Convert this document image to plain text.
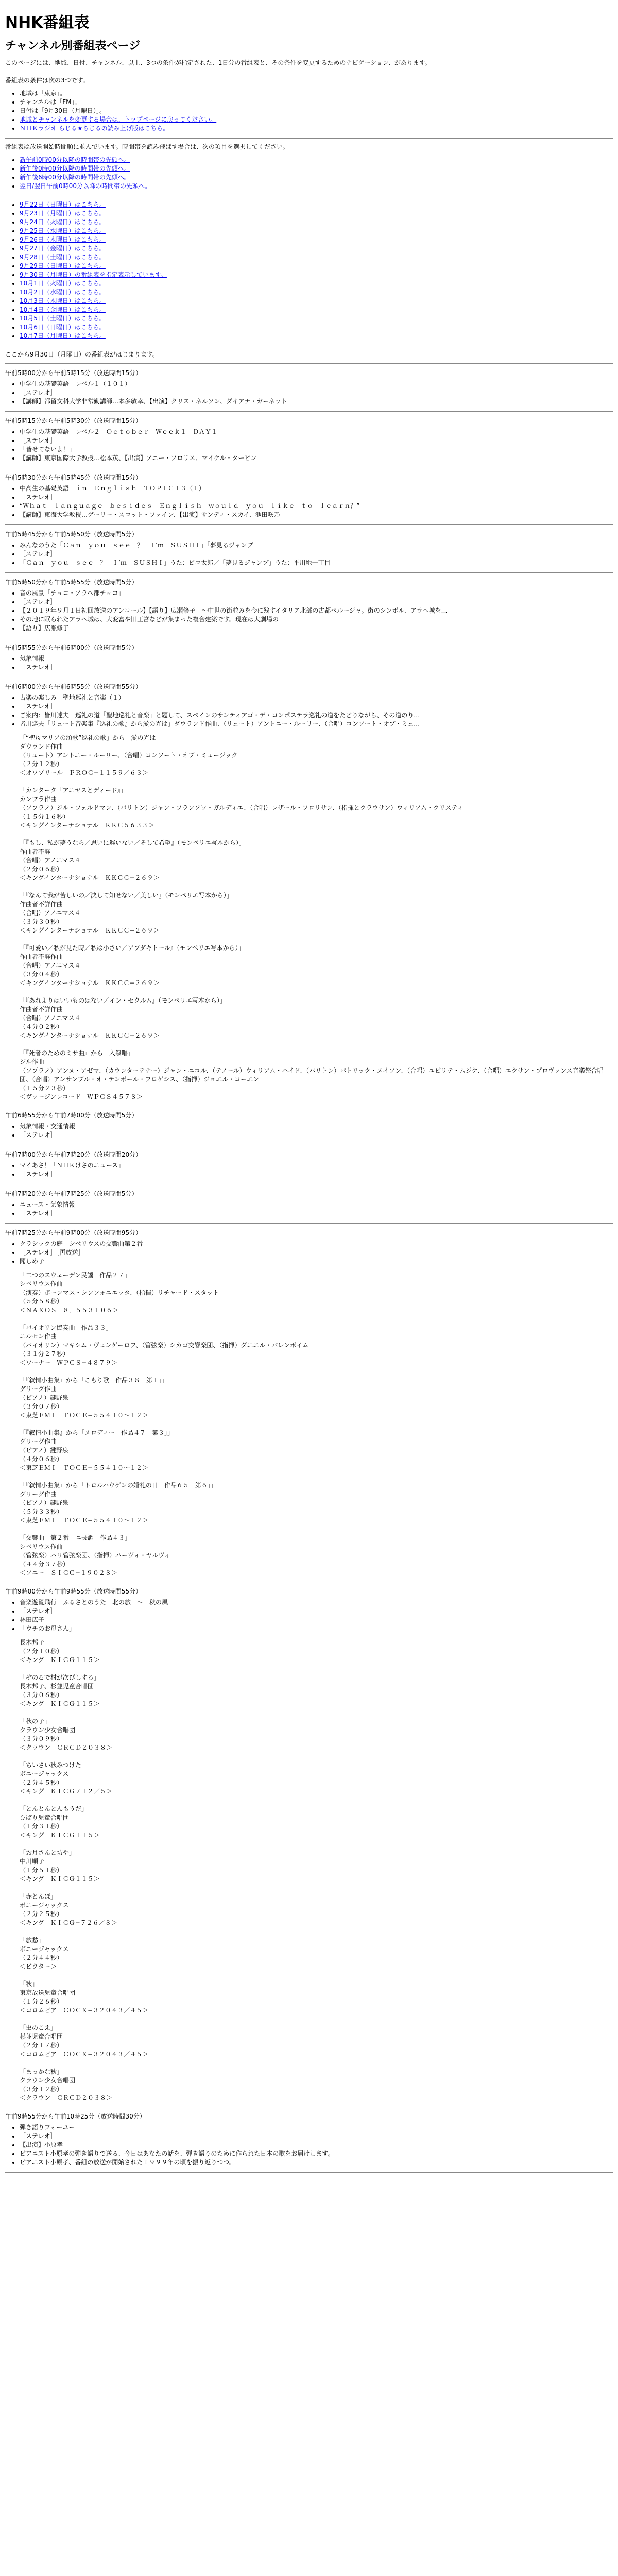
NHK番組表
チャンネル別番組表ページ

このページには、地域、日付、チャンネル、以上、3つの条件が指定された、1日分の番組表と、その条件を変更するためのナビゲーション、があります。

番組表の条件は次の3つです。

• 地域は「東京」。
• チャンネルは「FM」。
• 日付は「9月30日（月曜日）」。
• 地域とチャンネルを変更する場合は、トップページに戻ってください。
• ＮＨＫラジオ らじる★らじるの読み上げ版はこちら。

番組表は放送開始時間順に並んでいます。時間帯を読み飛ばす場合は、次の項目を選択してください。

• 新午前0時00分以降の時間帯の先頭へ。
• 新午後0時00分以降の時間帯の先頭へ。
• 新午後6時00分以降の時間帯の先頭へ。
• 翌日/翌日午前0時00分以降の時間帯の先頭へ。
• 9月22日（日曜日）はこちら。
• 9月23日（月曜日）はこちら。
• 9月24日（火曜日）はこちら。
• 9月25日（水曜日）はこちら。
• 9月26日（木曜日）はこちら。
• 9月27日（金曜日）はこちら。
• 9月28日（土曜日）はこちら。
• 9月29日（日曜日）はこちら。
• 9月30日（月曜日）の番組表を指定表示しています。
• 10月1日（火曜日）はこちら。
• 10月2日（水曜日）はこちら。
• 10月3日（木曜日）はこちら。
• 10月4日（金曜日）はこちら。
• 10月5日（土曜日）はこちら。
• 10月6日（日曜日）はこちら。
• 10月7日（月曜日）はこちら。

ここから9月30日（月曜日）の番組表がはじまります。

午前5時00分から午前5時15分（放送時間15分）

• 中学生の基礎英語　レベル１（１０１）
• ［ステレオ］
• 【講師】都留文科大学非常勤講師…本多敏幸、【出演】クリス・ネルソン、ダイアナ・ガーネット

午前5時15分から午前5時30分（放送時間15分）

• 中学生の基礎英語　レベル２　Ｏｃｔｏｂｅｒ　Ｗｅｅｋ１　ＤＡＹ１
• ［ステレオ］
• 「皆せてないよ！」
• 【講師】東京国際大学教授…松本茂、【出演】アニー・フロリス、マイケル・ターピン

午前5時30分から午前5時45分（放送時間15分）

• 中高生の基礎英語　ｉｎ　Ｅｎｇｌｉｓｈ　ＴＯＰＩＣ１３（１）
• ［ステレオ］
• “Ｗｈａｔ　ｌａｎｇｕａｇｅ　ｂｅｓｉｄｅｓ　Ｅｎｇｌｉｓｈ　ｗｏｕｌｄ　ｙｏｕ　ｌｉｋｅ　ｔｏ　ｌｅａｒｎ？”
• 【講師】東海大学教授…ゲーリー・スコット・ファイン、【出演】サンディ・スカイ、池田咲乃

午前5時45分から午前5時50分（放送時間5分）

• みんなのうた「Ｃａｎ　ｙｏｕ　ｓｅｅ　？　Ｉ’ｍ　ＳＵＳＨＩ」「夢見るジャンプ」
• ［ステレオ］
• 「Ｃａｎ　ｙｏｕ　ｓｅｅ　？　Ｉ’ｍ　ＳＵＳＨＩ」うた：ピコ太郎／「夢見るジャンプ」うた：平川地一丁目

午前5時50分から午前5時55分（放送時間5分）

• 音の風景「チョコ・アラへ都チョコ」
• ［ステレオ］
• 【２０１９年９月１日初回放送のアンコール】【語り】広瀬修子　〜中世の街並みを今に残すイタリア北部の古都ペルージャ。街のシンボル、アラへ城を…
• その地に眠られたアラへ城は、大変富や旧王宮などが集まった複合建築です。現在は大劇場の
• 【語り】広瀬修子

午前5時55分から午前6時00分（放送時間5分）

• 気象情報
• ［ステレオ］

午前6時00分から午前6時55分（放送時間55分）

• 古楽の楽しみ　聖地巡礼と音楽（１）
• ［ステレオ］
• ご案内：皆川達夫　巡礼の道「聖地巡礼と音楽」と題して、スペインのサンティアゴ・デ・コンポステラ巡礼の道をたどりながら、その道のり…
• 皆川達夫「リュート音楽集『巡礼の歌』から愛の光は」ダウランド作曲、（リュート）アントニー・ルーリー、（合唱）コンソート・オブ・ミュ…
「“聖母マリアの頌歌”巡礼の歌」から　愛の光は
ダウランド作曲
（リュート）アントニー・ルーリー、（合唱）コンソート・オブ・ミュージック
（２分１２秒）
＜オワゾリール　ＰＲＯＣ−１１５９／６３＞

「カンタータ『アニヤスとディード』」
カンプラ作曲
（ソプラノ）ジル・フェルドマン、（バリトン）ジャン・フランソワ・ガルディエ、（合唱）レザール・フロリサン、（指揮とクラウサン）ウィリアム・クリスティ
（１５分１６秒）
＜キングインターナショナル　ＫＫＣ５６３３＞

「『もし、私が夢うなら／思いに遅いない／そして希望』（モンペリエ写本から）」
作曲者不詳
（合唱）アノニマス４
（２分０６秒）
＜キングインターナショナル　ＫＫＣＣ−２６９＞

「『なんて我が苦しいの／決して知せない／美しい』（モンペリエ写本から）」
作曲者不詳作曲
（合唱）アノニマス４
（３分３０秒）
＜キングインターナショナル　ＫＫＣＣ−２６９＞

「『可愛い／私が見た時／私は小さい／アブダキトール』（モンペリエ写本から）」
作曲者不詳作曲
（合唱）アノニマス４
（３分０４秒）
＜キングインターナショナル　ＫＫＣＣ−２６９＞

「『あれよりはいいものはない／イン・セクルム』（モンペリエ写本から）」
作曲者不詳作曲
（合唱）アノニマス４
（４分０２秒）
＜キングインターナショナル　ＫＫＣＣ−２６９＞

「『死者のためのミサ曲』から　入祭唱」
ジル作曲
（ソプラノ）アンヌ・アゼマ、（カウンターテナー）ジャン・ニコル、（テノール）ウィリアム・ハイド、（バリトン）パトリック・メイソン、（合唱）ユビリテ・ムジケ、（合唱）エクサン・プロヴァンス音楽祭合唱団、（合唱）アンサンブル・オ・テンポール・フロゲシス、（指揮）ジョエル・コーエン
（１５分２３秒）
＜ヴァージンレコード　ＷＰＣＳ４５７８＞

午前6時55分から午前7時00分（放送時間5分）

• 気象情報・交通情報
• ［ステレオ］

午前7時00分から午前7時20分（放送時間20分）

• マイあさ！「ＮＨＫけさのニュース」
• ［ステレオ］

午前7時20分から午前7時25分（放送時間5分）

• ニュース・気象情報
• ［ステレオ］

午前7時25分から午前9時00分（放送時間95分）

• クラシックの庭　シベリウスの交響曲第２番
• ［ステレオ］［再放送］
• 聞しめ子
「二つのスウェーデン民謡　作品２７」
シベリウス作曲
（演奏）ボーンマス・シンフォニエッタ、（指揮）リチャード・スタット
（５分５８秒）
＜ＮＡＸＯＳ　８．５５３１０６＞

「バイオリン協奏曲　作品３３」
ニルセン作曲
（バイオリン）マキシム・ヴェンゲーロフ、（管弦楽）シカゴ交響楽団、（指揮）ダニエル・バレンボイム
（３１分２７秒）
＜ワーナー　ＷＰＣＳ−４８７９＞

「『叙情小曲集』から「こもり歌　作品３８　第１」」
グリーグ作曲
（ピアノ）鍵野泉
（３分０７秒）
＜東芝ＥＭＩ　ＴＯＣＥ−５５４１０〜１２＞

「『叙情小曲集』から「メロディー　作品４７　第３」」
グリーグ作曲
（ピアノ）鍵野泉
（４分０６秒）
＜東芝ＥＭＩ　ＴＯＣＥ−５５４１０〜１２＞

「『叙情小曲集』から「トロルハウゲンの婚礼の日　作品６５　第６」」
グリーグ作曲
（ピアノ）鍵野泉
（５分３３秒）
＜東芝ＥＭＩ　ＴＯＣＥ−５５４１０〜１２＞

「交響曲　第２番　ニ長調　作品４３」
シベリウス作曲
（管弦楽）パリ管弦楽団、（指揮）パーヴォ・ヤルヴィ
（４４分３７秒）
＜ソニー　ＳＩＣＣ−１９０２８＞

午前9時00分から午前9時55分（放送時間55分）

• 音楽遊覧飛行　ふるさとのうた　北の旅　〜　秋の風
• ［ステレオ］
• 林田広子
• 「ウチのお母さん」
長木邦子
（２分１０秒）
＜キング　ＫＩＣＧ１１５＞

「ぞのるで村が次びしする」
長木邦子、杉並児童合唱団
（３分０６秒）
＜キング　ＫＩＣＧ１１５＞

「秋の子」
クラウン少女合唱団
（３分０９秒）
＜クラウン　ＣＲＣＤ２０３８＞

「ちいさい秋みつけた」
ボニージャックス
（２分４５秒）
＜キング　ＫＩＣＧ７１２／５＞

「とんとんとんもうだ」
ひばり児童合唱団
（１分３１秒）
＜キング　ＫＩＣＧ１１５＞

「お月さんと坊や」
中川順子
（１分５１秒）
＜キング　ＫＩＣＧ１１５＞

「赤とんぼ」
ボニージャックス
（２分２５秒）
＜キング　ＫＩＣＧ−７２６／８＞

「旅愁」
ボニージャックス
（２分４４秒）
＜ビクター＞

「秋」
東京放送児童合唱団
（１分２６秒）
＜コロムビア　ＣＯＣＸ−３２０４３／４５＞

「虫のこえ」
杉並児童合唱団
（２分１７秒）
＜コロムビア　ＣＯＣＸ−３２０４３／４５＞

「まっかな秋」
クラウン少女合唱団
（３分１２秒）
＜クラウン　ＣＲＣＤ２０３８＞

午前9時55分から午前10時25分（放送時間30分）

• 弾き語りフォーユー
• ［ステレオ］
• 【出演】小原孝
• ピアニスト小原孝の弾き語りで送る、今日はあなたの話を、弾き語りのために作られた日本の歌をお届けします。
• ピアニスト小原孝、番組の放送が開始された１９９９年の頃を振り返りつつ。
